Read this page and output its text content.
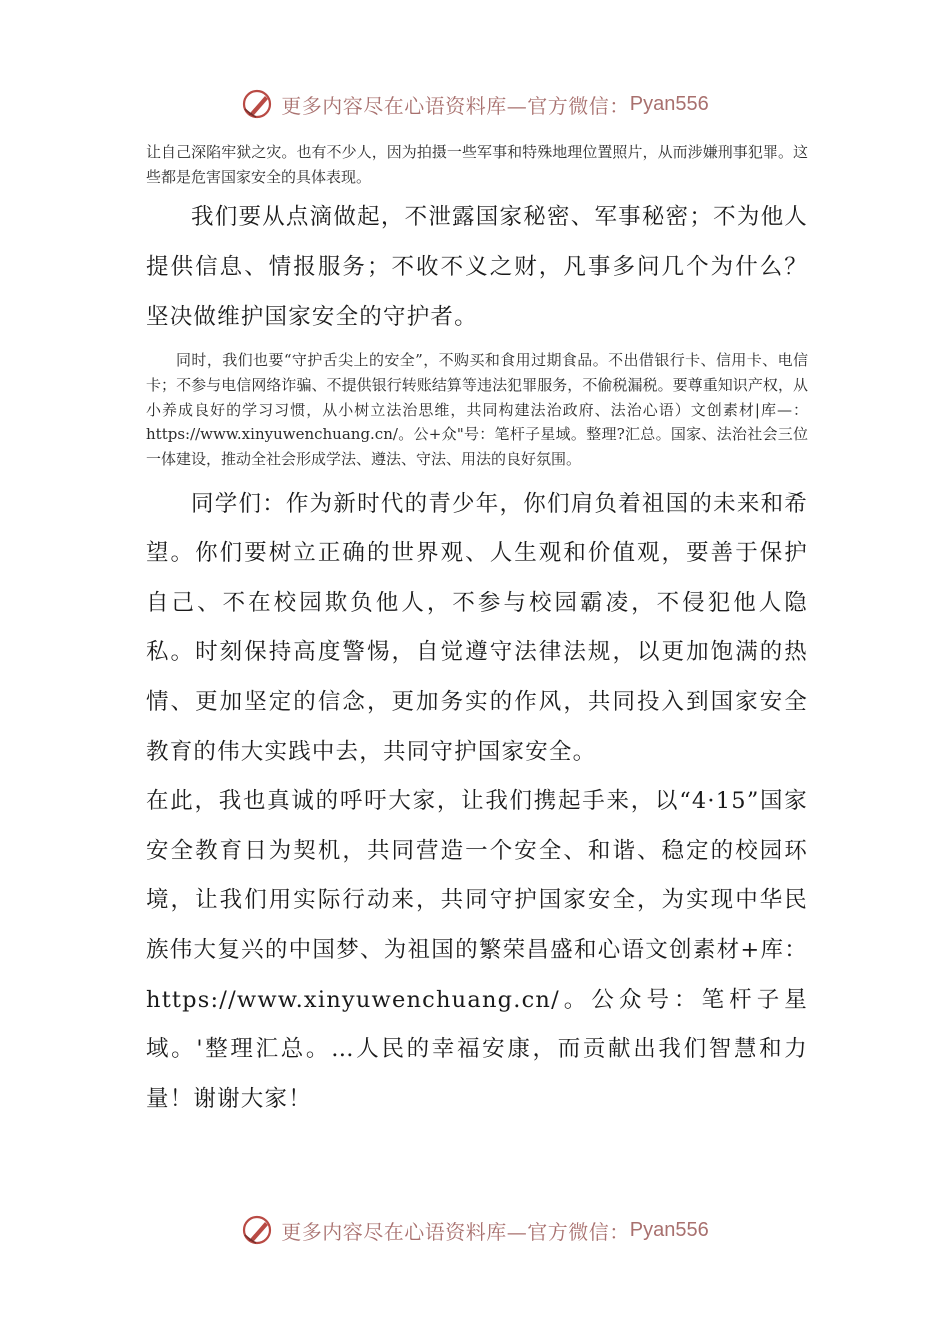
更多内容尽在心语资料库—官方微信： Pyan556

让自己深陷牢狱之灾。也有不少人，因为拍摄一些军事和特殊地理位置照片，从而涉嫌刑事犯罪。这些都是危害国家安全的具体表现。

我们要从点滴做起，不泄露国家秘密、军事秘密；不为他人提供信息、情报服务；不收不义之财，凡事多问几个为什么？坚决做维护国家安全的守护者。

同时，我们也要“守护舌尖上的安全”，不购买和食用过期食品。不出借银行卡、信用卡、电信卡；不参与电信网络诈骗、不提供银行转账结算等违法犯罪服务，不偷税漏税。要尊重知识产权，从小养成良好的学习习惯，从小树立法治思维，共同构建法治政府、法治心语）文创素材|库—：https://www.xinyuwenchuang.cn/。公+众"号：笔杆子星域。整理?汇总。国家、法治社会三位一体建设，推动全社会形成学法、遵法、守法、用法的良好氛围。

同学们：作为新时代的青少年，你们肩负着祖国的未来和希望。你们要树立正确的世界观、人生观和价值观，要善于保护自己、不在校园欺负他人，不参与校园霸凌，不侵犯他人隐私。时刻保持高度警惕，自觉遵守法律法规，以更加饱满的热情、更加坚定的信念，更加务实的作风，共同投入到国家安全教育的伟大实践中去，共同守护国家安全。

在此，我也真诚的呼吁大家，让我们携起手来，以“4·15”国家安全教育日为契机，共同营造一个安全、和谐、稳定的校园环境，让我们用实际行动来，共同守护国家安全，为实现中华民族伟大复兴的中国梦、为祖国的繁荣昌盛和心语文创素材+库：https://www.xinyuwenchuang.cn/。公众号：笔杆子星域。'整理汇总。…人民的幸福安康，而贡献出我们智慧和力量！谢谢大家！

更多内容尽在心语资料库—官方微信： Pyan556
